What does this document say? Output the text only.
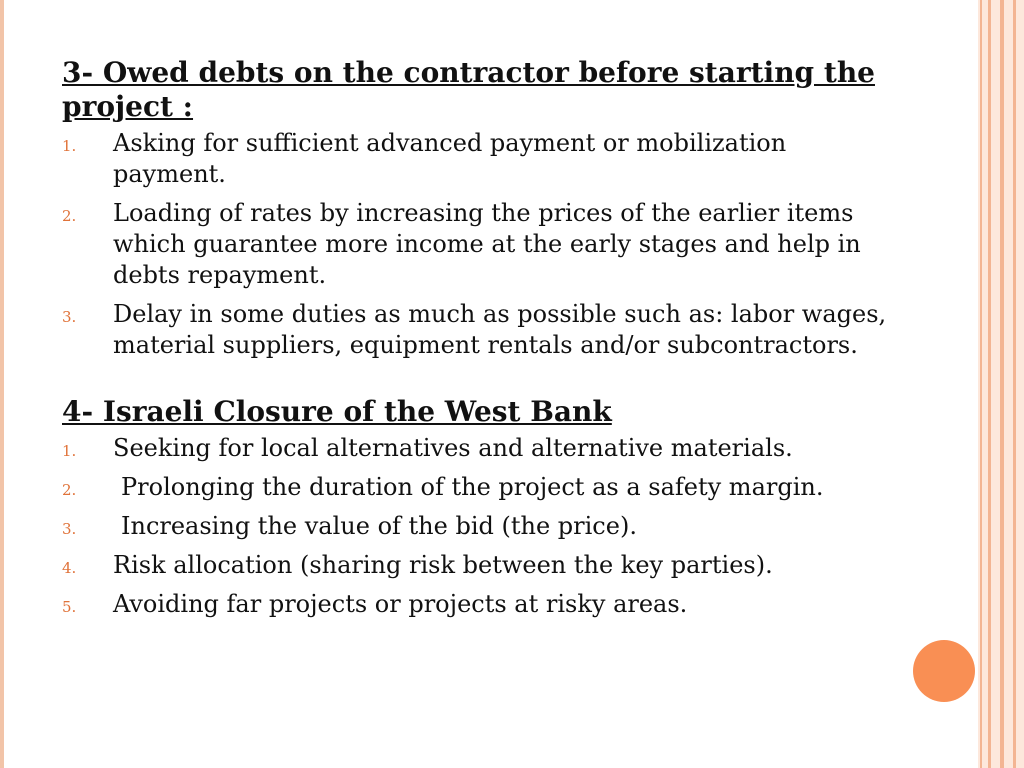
3- Owed debts on the contractor before starting the project :
1. Asking for sufficient advanced payment or mobilization payment.
2. Loading of rates by increasing the prices of the earlier items which guarantee more income at the early stages and help in debts repayment.
3. Delay in some duties as much as possible such as: labor wages, material suppliers, equipment rentals and/or subcontractors.
4- Israeli Closure of the West Bank
1. Seeking for local alternatives and alternative materials.
2. Prolonging the duration of the project as a safety margin.
3. Increasing the value of the bid (the price).
4. Risk allocation (sharing risk between the key parties).
5. Avoiding far projects or projects at risky areas.
